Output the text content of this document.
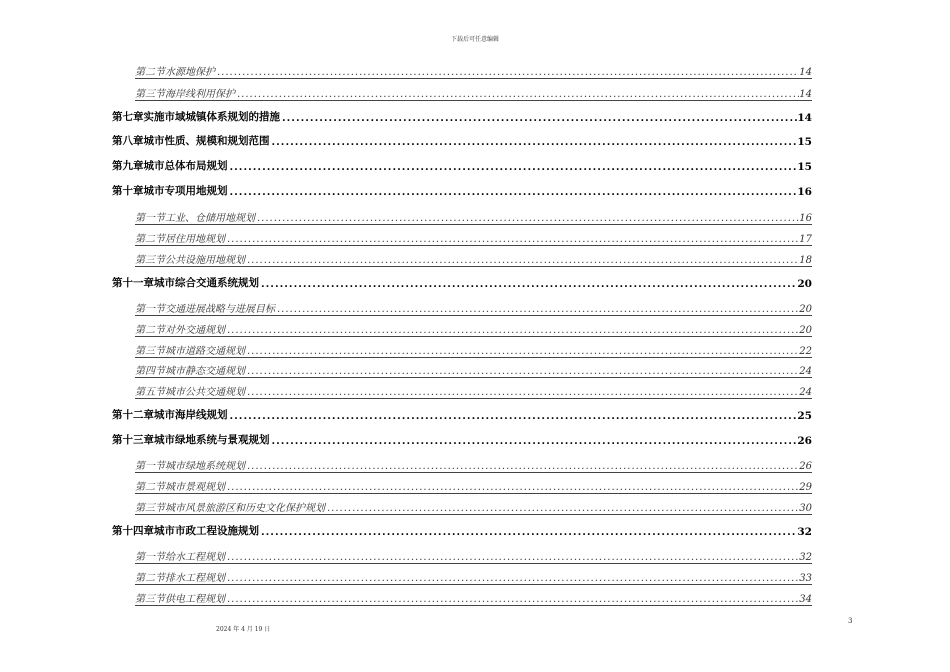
下载后可任意编辑
第二节水源地保护 .....	14
第三节海岸线利用保护 .....	14
第七章实施市域城镇体系规划的措施 .....	14
第八章城市性质、规模和规划范围 .....	15
第九章城市总体布局规划 .....	15
第十章城市专项用地规划 .....	16
第一节工业、仓储用地规划 .....	16
第二节居住用地规划 .....	17
第三节公共设施用地规划 .....	18
第十一章城市综合交通系统规划 .....	20
第一节交通进展战略与进展目标 .....	20
第二节对外交通规划 .....	20
第三节城市道路交通规划 .....	22
第四节城市静态交通规划 .....	24
第五节城市公共交通规划 .....	24
第十二章城市海岸线规划 .....	25
第十三章城市绿地系统与景观规划 .....	26
第一节城市绿地系统规划 .....	26
第二节城市景观规划 .....	29
第三节城市风景旅游区和历史文化保护规划 .....	30
第十四章城市市政工程设施规划 .....	32
第一节给水工程规划 .....	32
第二节排水工程规划 .....	33
第三节供电工程规划 .....	34
2024 年 4 月 19 日
3
